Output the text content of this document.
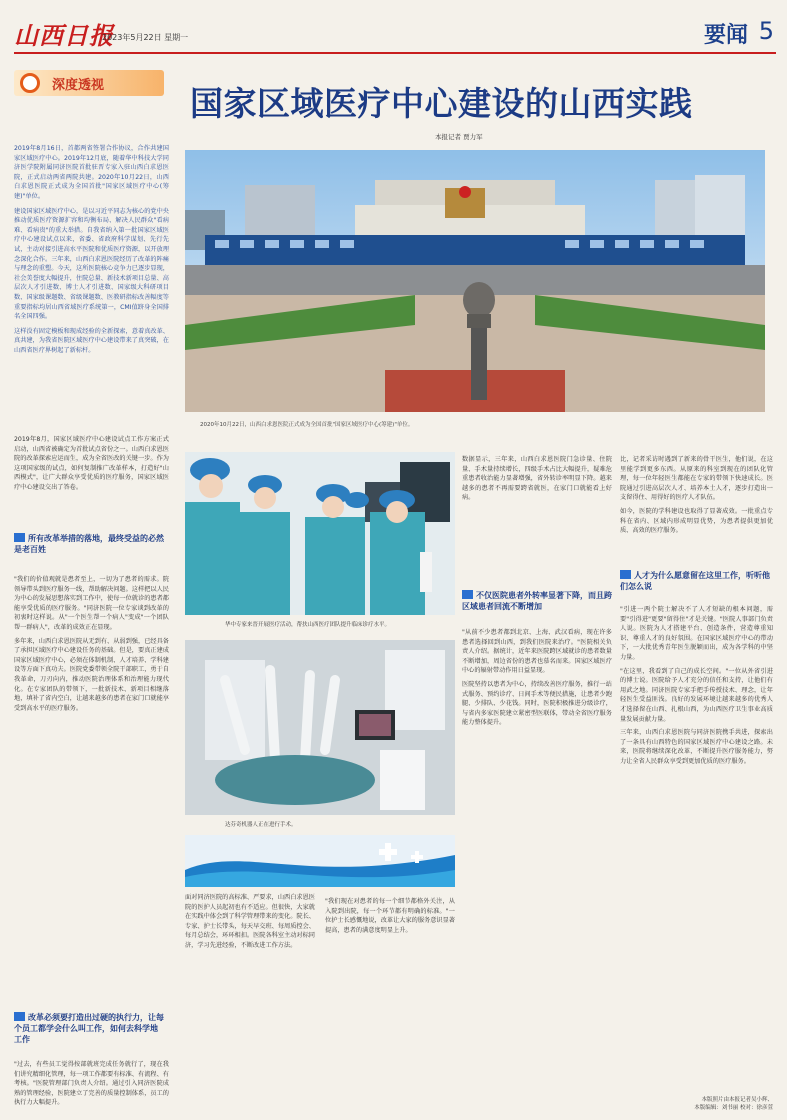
山西日报
2023年5月22日 星期一	要闻 5
深度透视

2019年8月16日，首都两省签署合作协议，合作共建国家区域医疗中心。2019年12月底，随着华中科技大学同济医学院附属同济医院首批驻晋专家入驻山西白求恩医院，正式启动两省两院共建。2020年10月22日，山西白求恩医院正式成为全国首批"国家区域医疗中心(筹建)"单位。

建设国家区域医疗中心，是以习近平同志为核心的党中央推动优质医疗资源扩容和均衡布局、解决人民群众"看病难、看病贵"的重大举措。自我省纳入第一批国家区域医疗中心建设试点以来，省委、省政府科学谋划、先行先试，主动对接引进高水平医院和优质医疗资源，以开放理念深化合作。三年来，山西白求恩医院经历了改革的阵痛与理念的重塑。今天，这所医院核心竞争力已逐步显现，社会美誉度大幅提升，住院总量、新技术新项目总量、高层次人才引进数、博士人才引进数、国家级大科研项目数、国家级课题数、省级课题数、医教研指标改善幅度等重要指标均居山西省域医疗系统第一，CMI值跻身全国排名全国四强。

这样没有固定模板和现成经验的全新探索，意着真改革、真共建，为我省医院区域医疗中心建设带来了真突破，在山西省医疗界树起了新标杆。

国家区域医疗中心建设的山西实践
本报记者 贾力军
2020年10月22日，山西白求恩医院正式成为全国首批"国家区域医疗中心(筹建)"单位。

2019年8月，国家区域医疗中心建设试点工作方案正式启动，山西省被确定为首批试点省份之一。山西白求恩医院的改革探索应运而生，成为全省医改的关键一步。作为这项国家级的试点，如何复制推广改革样本，打造好"山西模式"，让广大群众享受优质的医疗服务，国家区域医疗中心建设交出了答卷。

所有改革举措的落地，最终受益的必然是老百姓

"我们的价值观就是患者至上，一切为了患者的需求。院领导带头到医疗服务一线，帮助解决问题。这样把以人民为中心的发展思想落实到工作中，使每一位就诊的患者都能享受优质的医疗服务。"同济医院一位专家谈到改革的初衷时这样说。从"一个医生帮一个病人"变成"一个团队帮一群病人"，改革的成效正在显现。

多年来，山西白求恩医院从无到有、从弱到强，已经具备了承担区域医疗中心建设任务的基础。但是，要真正建成国家区域医疗中心，必须在体制机制、人才培养、学科建设等方面下真功夫。医院党委带领全院干部职工，勇于自我革命，刀刃向内，推动医院治理体系和治理能力现代化。在专家团队的带领下，一批新技术、新项目相继落地，填补了省内空白，让越来越多的患者在家门口就能享受到高水平的医疗服务。

改革必须要打造出过硬的执行力，让每个员工都学会什么叫工作，如何去科学地工作

"过去，有些员工觉得按部就班完成任务就行了，现在我们讲究精细化管理，每一项工作都要有标准、有流程、有考核。"医院管理部门负责人介绍。通过引入同济医院成熟的管理经验，医院建立了完善的质量控制体系，员工的执行力大幅提升。

华中专家来晋开展医疗活动，帮扶山西医疗团队提升临床诊疗水平。
达芬奇机器人正在进行手术。

面对同济医院的高标准、严要求，山西白求恩医院的医护人员起初也有不适应。但很快，大家就在实践中体会到了科学管理带来的变化。院长、专家、护士长带头，每天早交班、每周质控会、每月总结会，环环相扣。医院各科室主动对标同济，学习先进经验，不断改进工作方法。

"我们现在对患者的每一个细节都格外关注，从入院到出院，每一个环节都有明确的标准。"一位护士长感慨地说，改革让大家的服务意识显著提高，患者的满意度明显上升。

数据显示，三年来，山西白求恩医院门急诊量、住院量、手术量持续增长，四级手术占比大幅提升，疑难危重患者收治能力显著增强，省外转诊率明显下降。越来越多的患者不再需要跨省就医，在家门口就能看上好病。

不仅医院患者外转率显著下降，而且跨区域患者回流不断增加

"从前不少患者都到北京、上海、武汉看病，现在许多患者选择回到山西，到我们医院来治疗。"医院相关负责人介绍。据统计，近年来医院跨区域就诊的患者数量不断增加，周边省份的患者也慕名而来。国家区域医疗中心的辐射带动作用日益显现。

医院坚持以患者为中心，持续改善医疗服务，推行一站式服务、预约诊疗、日间手术等便民措施，让患者少跑腿、少排队、少花钱。同时，医院积极推进分级诊疗，与省内多家医院建立紧密型医联体，带动全省医疗服务能力整体提升。

比，记者采访时遇到了新来的骨干医生，他们说，在这里能学到更多东西。从原来的科室到现在的团队化管理，每一位年轻医生都能在专家的带领下快速成长。医院通过引进高层次人才、培养本土人才，逐步打造出一支留得住、用得好的医疗人才队伍。

如今，医院的学科建设也取得了显著成效。一批重点专科在省内、区域内形成明显优势，为患者提供更加优质、高效的医疗服务。

人才为什么愿意留在这里工作，听听他们怎么说

"引进一两个院士解决不了人才短缺的根本问题，需要"引得进"更要"留得住"才是关键。"医院人事部门负责人说。医院为人才搭建平台、创造条件，营造尊重知识、尊重人才的良好氛围。在国家区域医疗中心的带动下，一大批优秀青年医生脱颖而出，成为各学科的中坚力量。

"在这里，我看到了自己的成长空间。"一位从外省引进的博士说。医院给予人才充分的信任和支持，让他们有用武之地。同济医院专家手把手传授技术、理念，让年轻医生受益匪浅。良好的发展环境让越来越多的优秀人才选择留在山西、扎根山西，为山西医疗卫生事业高质量发展贡献力量。

三年来，山西白求恩医院与同济医院携手共进，探索出了一条具有山西特色的国家区域医疗中心建设之路。未来，医院将继续深化改革，不断提升医疗服务能力，努力让全省人民群众享受到更加优质的医疗服务。

本版照片由本报记者吴小辉、
本版编辑：刘书丽 校对：徐彦萱
